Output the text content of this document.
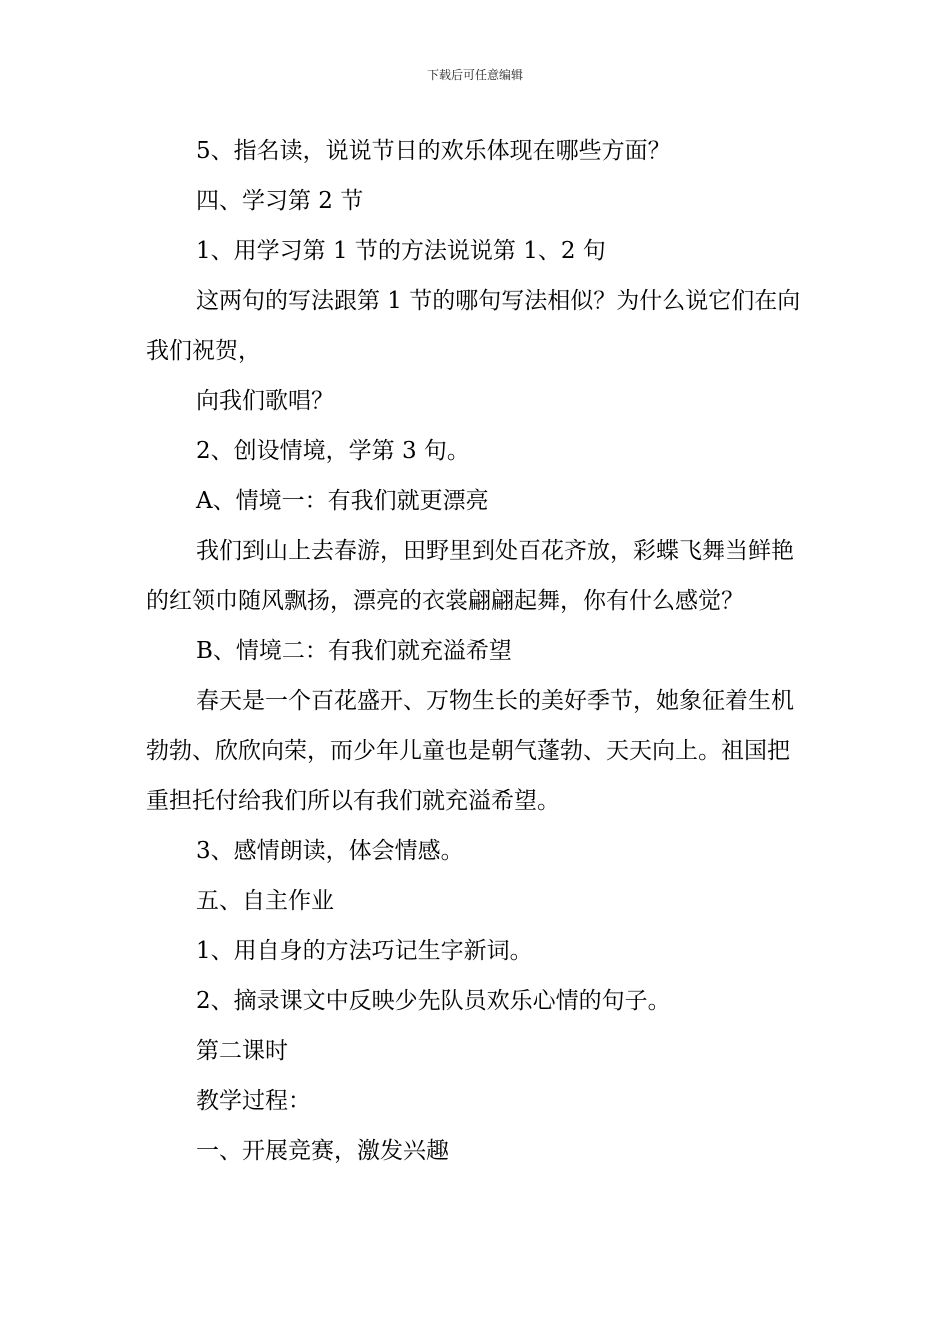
下载后可任意编辑

5、指名读，说说节日的欢乐体现在哪些方面？

四、学习第 2 节

1、用学习第 1 节的方法说说第 1、2 句

这两句的写法跟第 1 节的哪句写法相似？为什么说它们在向我们祝贺，

向我们歌唱？

2、创设情境，学第 3 句。

A、情境一：有我们就更漂亮

我们到山上去春游，田野里到处百花齐放，彩蝶飞舞当鲜艳的红领巾随风飘扬，漂亮的衣裳翩翩起舞，你有什么感觉？

B、情境二：有我们就充溢希望

春天是一个百花盛开、万物生长的美好季节，她象征着生机勃勃、欣欣向荣，而少年儿童也是朝气蓬勃、天天向上。祖国把重担托付给我们所以有我们就充溢希望。

3、感情朗读，体会情感。

五、自主作业

1、用自身的方法巧记生字新词。

2、摘录课文中反映少先队员欢乐心情的句子。

第二课时

教学过程：

一、开展竞赛，激发兴趣
